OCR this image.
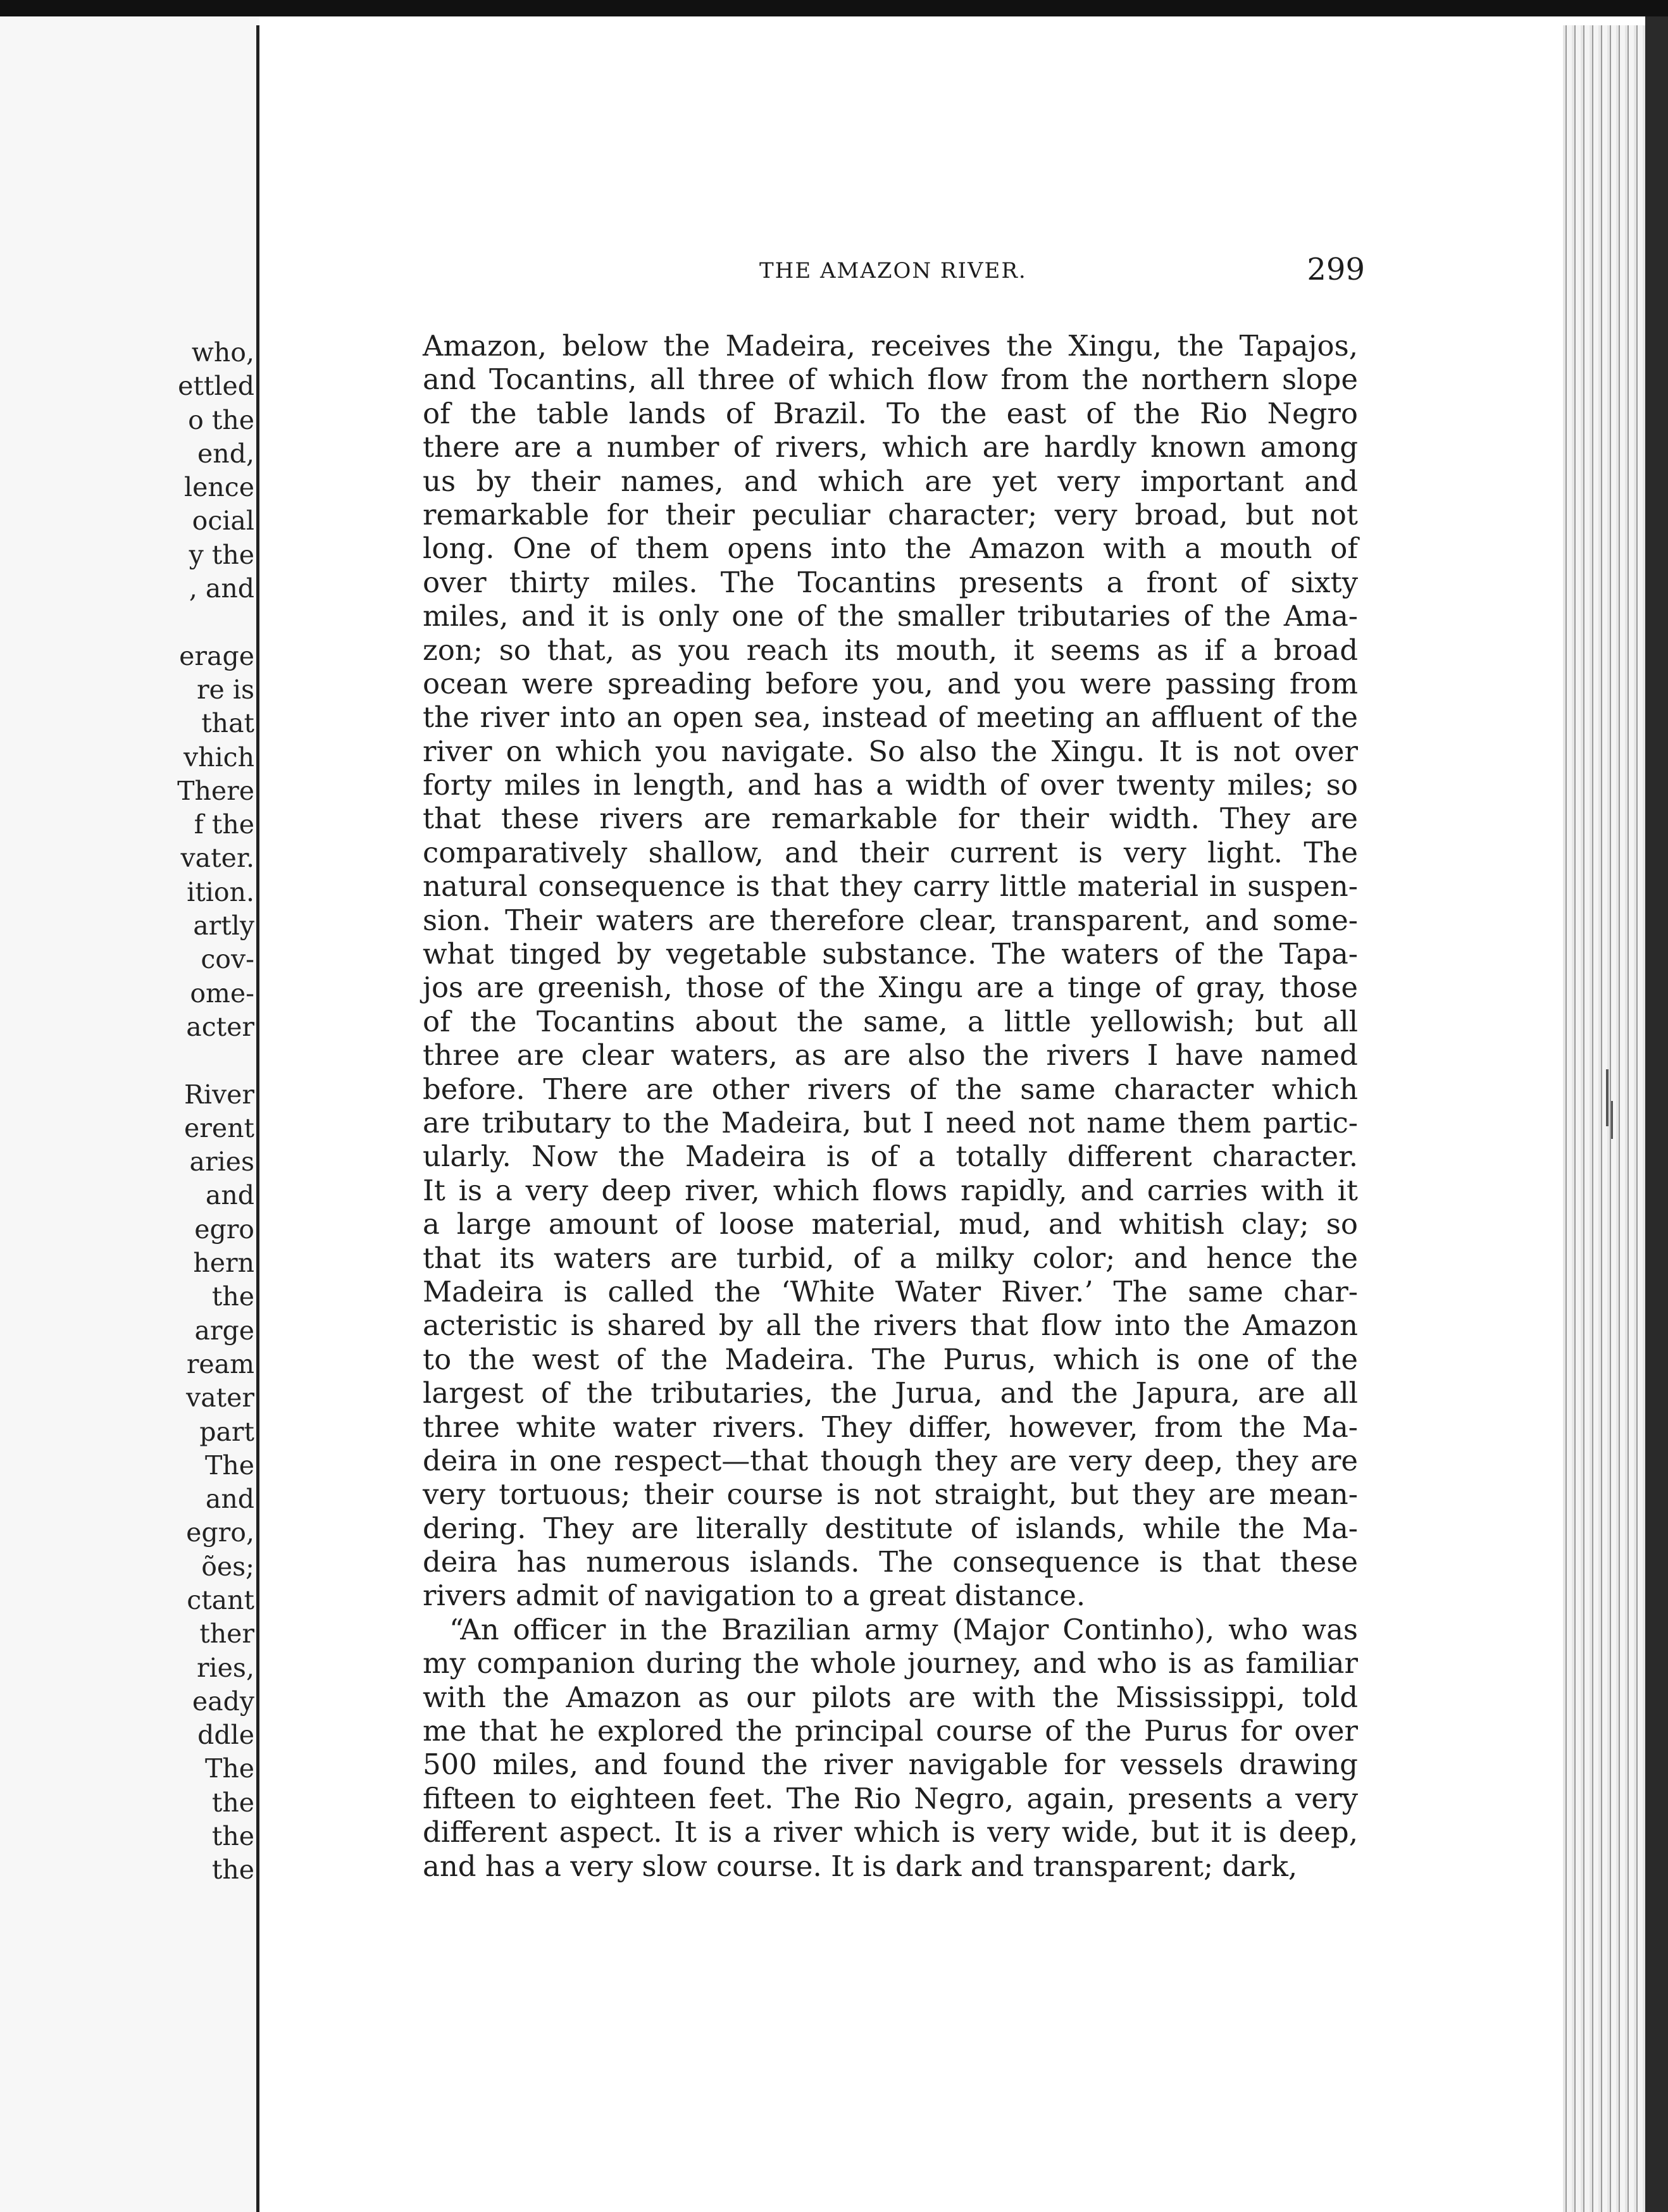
who,
ettled
o the
end,
lence
ocial
y the
, and
erage
re is
that
vhich
There
f the
vater.
ition.
artly
cov-
ome-
acter
River
erent
aries
and
egro
hern
the
arge
ream
vater
part
The
and
egro,
ões;
ctant
ther
ries,
eady
ddle
The
the
the
the
THE AMAZON RIVER.	299
Amazon, below the Madeira, receives the Xingu, the Tapajos,
and Tocantins, all three of which flow from the northern slope
of the table lands of Brazil. To the east of the Rio Negro
there are a number of rivers, which are hardly known among
us by their names, and which are yet very important and
remarkable for their peculiar character; very broad, but not
long. One of them opens into the Amazon with a mouth of
over thirty miles. The Tocantins presents a front of sixty
miles, and it is only one of the smaller tributaries of the Ama-
zon; so that, as you reach its mouth, it seems as if a broad
ocean were spreading before you, and you were passing from
the river into an open sea, instead of meeting an affluent of the
river on which you navigate. So also the Xingu. It is not over
forty miles in length, and has a width of over twenty miles; so
that these rivers are remarkable for their width. They are
comparatively shallow, and their current is very light. The
natural consequence is that they carry little material in suspen-
sion. Their waters are therefore clear, transparent, and some-
what tinged by vegetable substance. The waters of the Tapa-
jos are greenish, those of the Xingu are a tinge of gray, those
of the Tocantins about the same, a little yellowish; but all
three are clear waters, as are also the rivers I have named
before. There are other rivers of the same character which
are tributary to the Madeira, but I need not name them partic-
ularly. Now the Madeira is of a totally different character.
It is a very deep river, which flows rapidly, and carries with it
a large amount of loose material, mud, and whitish clay; so
that its waters are turbid, of a milky color; and hence the
Madeira is called the ‘White Water River.’ The same char-
acteristic is shared by all the rivers that flow into the Amazon
to the west of the Madeira. The Purus, which is one of the
largest of the tributaries, the Jurua, and the Japura, are all
three white water rivers. They differ, however, from the Ma-
deira in one respect—that though they are very deep, they are
very tortuous; their course is not straight, but they are mean-
dering. They are literally destitute of islands, while the Ma-
deira has numerous islands. The consequence is that these
rivers admit of navigation to a great distance.
“An officer in the Brazilian army (Major Continho), who was
my companion during the whole journey, and who is as familiar
with the Amazon as our pilots are with the Mississippi, told
me that he explored the principal course of the Purus for over
500 miles, and found the river navigable for vessels drawing
fifteen to eighteen feet. The Rio Negro, again, presents a very
different aspect. It is a river which is very wide, but it is deep,
and has a very slow course. It is dark and transparent; dark,
